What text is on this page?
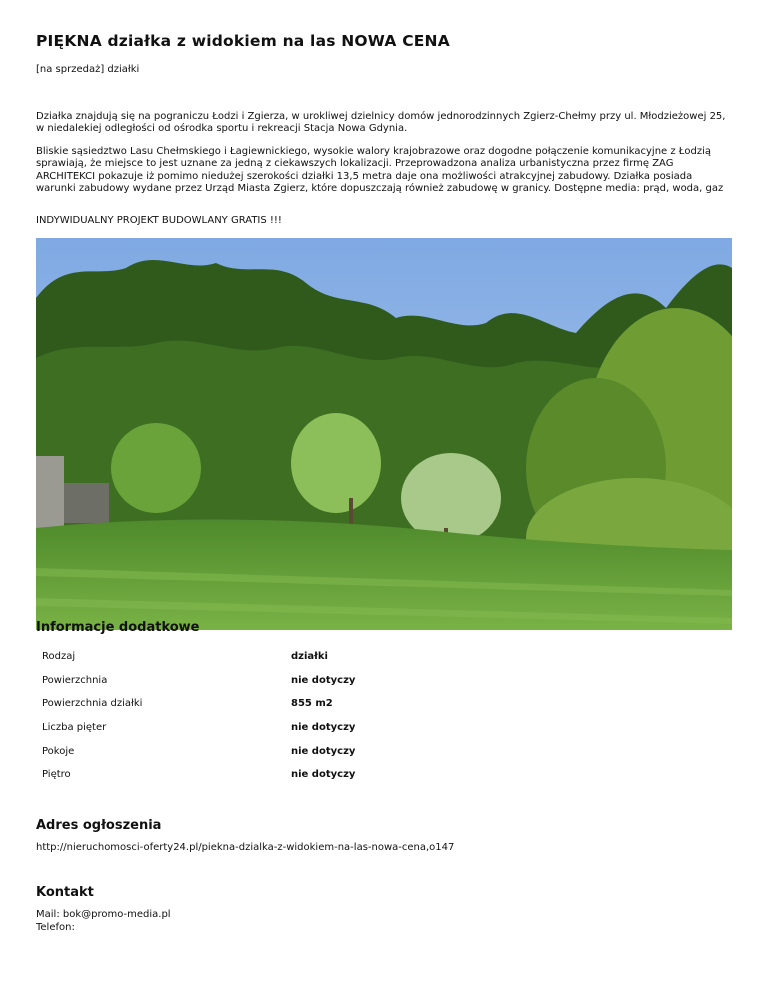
PIĘKNA działka z widokiem na las NOWA CENA
[na sprzedaż] działki

Działka znajdują się na pograniczu Łodzi i Zgierza, w urokliwej dzielnicy domów jednorodzinnych Zgierz-Chełmy przy ul. Młodzieżowej 25, w niedalekiej odległości od ośrodka sportu i rekreacji Stacja Nowa Gdynia.

Bliskie sąsiedztwo Lasu Chełmskiego i Łagiewnickiego, wysokie walory krajobrazowe oraz dogodne połączenie komunikacyjne z Łodzią sprawiają, że miejsce to jest uznane za jedną z ciekawszych lokalizacji. Przeprowadzona analiza urbanistyczna przez firmę ZAG ARCHITEKCI pokazuje iż pomimo niedużej szerokości działki 13,5 metra daje ona możliwości atrakcyjnej zabudowy. Działka posiada warunki zabudowy wydane przez Urząd Miasta Zgierz, które dopuszczają również zabudowę w granicy. Dostępne media: prąd, woda, gaz

INDYWIDUALNY PROJEKT BUDOWLANY GRATIS !!!

Informacje dodatkowe
Rodzaj	działki
Powierzchnia	nie dotyczy
Powierzchnia działki	855 m2
Liczba pięter	nie dotyczy
Pokoje	nie dotyczy
Piętro	nie dotyczy
Adres ogłoszenia
http://nieruchomosci-oferty24.pl/piekna-dzialka-z-widokiem-na-las-nowa-cena,o147
Kontakt
Mail: bok@promo-media.pl
Telefon:
